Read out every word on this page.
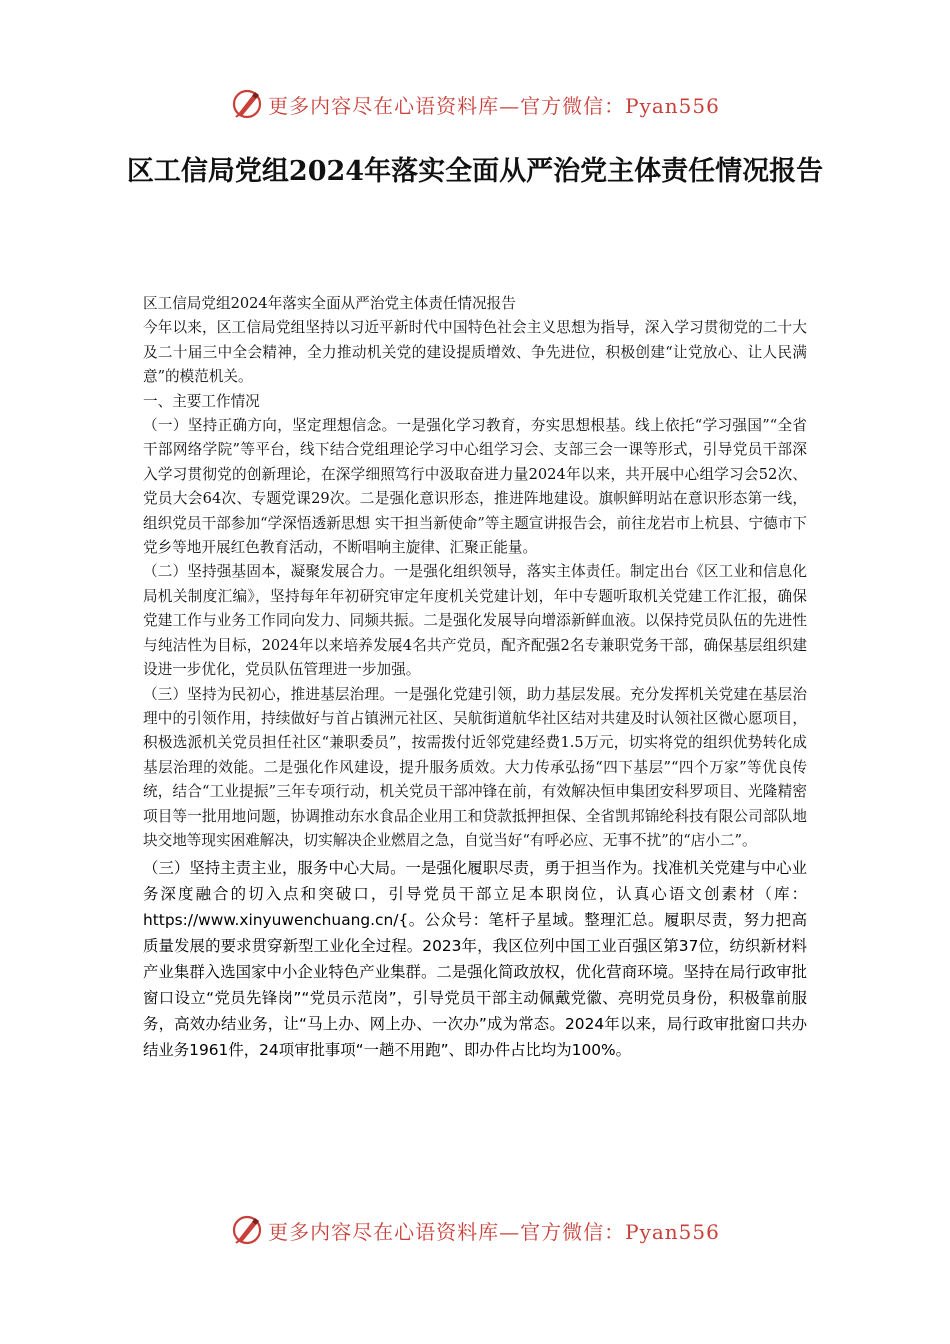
更多内容尽在心语资料库—官方微信：Pyan556
区工信局党组2024年落实全面从严治党主体责任情况报告

区工信局党组2024年落实全面从严治党主体责任情况报告

今年以来，区工信局党组坚持以习近平新时代中国特色社会主义思想为指导，深入学习贯彻党的二十大及二十届三中全会精神，全力推动机关党的建设提质增效、争先进位，积极创建“让党放心、让人民满意”的模范机关。

一、主要工作情况

（一）坚持正确方向，坚定理想信念。一是强化学习教育，夯实思想根基。线上依托“学习强国”“全省干部网络学院”等平台，线下结合党组理论学习中心组学习会、支部三会一课等形式，引导党员干部深入学习贯彻党的创新理论，在深学细照笃行中汲取奋进力量2024年以来，共开展中心组学习会52次、党员大会64次、专题党课29次。二是强化意识形态，推进阵地建设。旗帜鲜明站在意识形态第一线，组织党员干部参加“学深悟透新思想 实干担当新使命”等主题宣讲报告会，前往龙岩市上杭县、宁德市下党乡等地开展红色教育活动，不断唱响主旋律、汇聚正能量。

（二）坚持强基固本，凝聚发展合力。一是强化组织领导，落实主体责任。制定出台《区工业和信息化局机关制度汇编》，坚持每年年初研究审定年度机关党建计划，年中专题听取机关党建工作汇报，确保党建工作与业务工作同向发力、同频共振。二是强化发展导向增添新鲜血液。以保持党员队伍的先进性与纯洁性为目标，2024年以来培养发展4名共产党员，配齐配强2名专兼职党务干部，确保基层组织建设进一步优化，党员队伍管理进一步加强。

（三）坚持为民初心，推进基层治理。一是强化党建引领，助力基层发展。充分发挥机关党建在基层治理中的引领作用，持续做好与首占镇洲元社区、吴航街道航华社区结对共建及时认领社区微心愿项目，积极选派机关党员担任社区“兼职委员”，按需拨付近邻党建经费1.5万元，切实将党的组织优势转化成基层治理的效能。二是强化作风建设，提升服务质效。大力传承弘扬“四下基层”“四个万家”等优良传统，结合“工业提振”三年专项行动，机关党员干部冲锋在前，有效解决恒申集团安科罗项目、光隆精密项目等一批用地问题，协调推动东水食品企业用工和贷款抵押担保、全省凯邦锦纶科技有限公司部队地块交地等现实困难解决，切实解决企业燃眉之急，自觉当好“有呼必应、无事不扰”的“店小二”。

（三）坚持主责主业，服务中心大局。一是强化履职尽责，勇于担当作为。找准机关党建与中心业务深度融合的切入点和突破口，引导党员干部立足本职岗位，认真心语文创素材（库：https://www.xinyuwenchuang.cn/{。公众号：笔杆子星域。整理汇总。履职尽责，努力把高质量发展的要求贯穿新型工业化全过程。2023年，我区位列中国工业百强区第37位，纺织新材料产业集群入选国家中小企业特色产业集群。二是强化简政放权，优化营商环境。坚持在局行政审批窗口设立“党员先锋岗”“党员示范岗”，引导党员干部主动佩戴党徽、亮明党员身份，积极靠前服务，高效办结业务，让“马上办、网上办、一次办”成为常态。2024年以来，局行政审批窗口共办结业务1961件，24项审批事项“一趟不用跑”、即办件占比均为100%。

更多内容尽在心语资料库—官方微信：Pyan556
